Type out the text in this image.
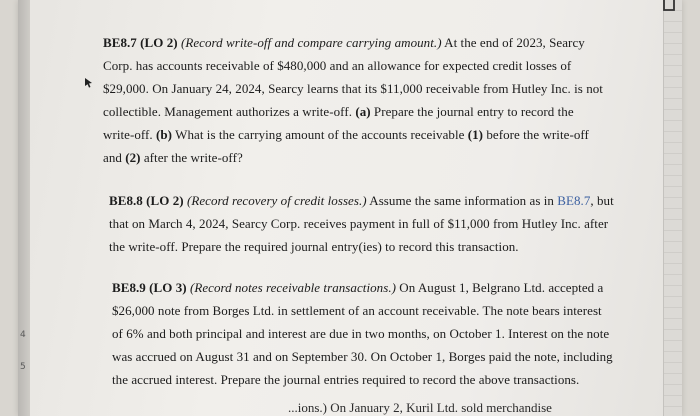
4
5
BE8.7 (LO 2) (Record write-off and compare carrying amount.) At the end of 2023, Searcy
Corp. has accounts receivable of $480,000 and an allowance for expected credit losses of
$29,000. On January 24, 2024, Searcy learns that its $11,000 receivable from Hutley Inc. is not
collectible. Management authorizes a write-off. (a) Prepare the journal entry to record the
write-off. (b) What is the carrying amount of the accounts receivable (1) before the write-off
and (2) after the write-off?
BE8.8 (LO 2) (Record recovery of credit losses.) Assume the same information as in BE8.7, but
that on March 4, 2024, Searcy Corp. receives payment in full of $11,000 from Hutley Inc. after
the write-off. Prepare the required journal entry(ies) to record this transaction.
BE8.9 (LO 3) (Record notes receivable transactions.) On August 1, Belgrano Ltd. accepted a
$26,000 note from Borges Ltd. in settlement of an account receivable. The note bears interest
of 6% and both principal and interest are due in two months, on October 1. Interest on the note
was accrued on August 31 and on September 30. On October 1, Borges paid the note, including
the accrued interest. Prepare the journal entries required to record the above transactions.
...ions.) On January 2, Kuril Ltd. sold merchandise
